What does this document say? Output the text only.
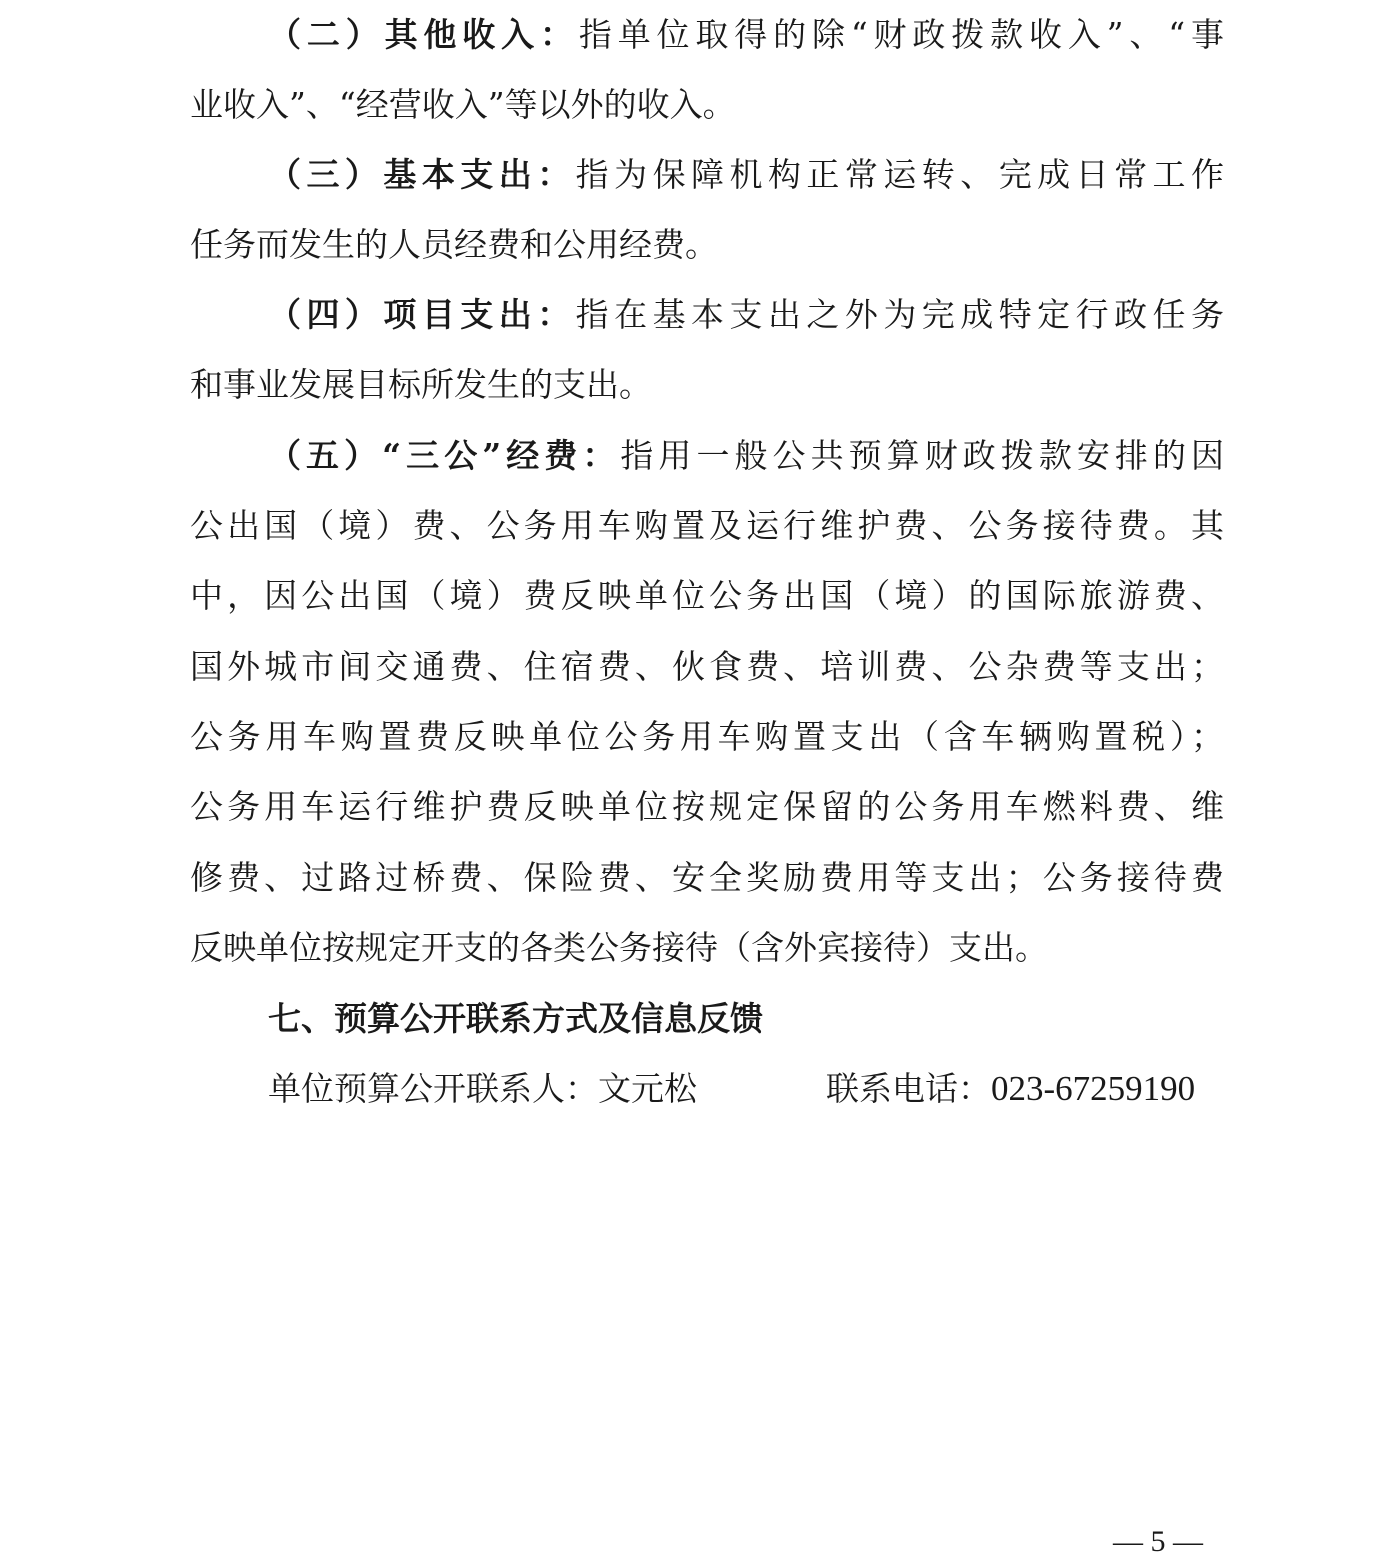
（二）其他收入：指单位取得的除“财政拨款收入”、“事
业收入”、“经营收入”等以外的收入。
（三）基本支出：指为保障机构正常运转、完成日常工作
任务而发生的人员经费和公用经费。
（四）项目支出：指在基本支出之外为完成特定行政任务
和事业发展目标所发生的支出。
（五）“三公”经费：指用一般公共预算财政拨款安排的因
公出国（境）费、公务用车购置及运行维护费、公务接待费。其
中，因公出国（境）费反映单位公务出国（境）的国际旅游费、
国外城市间交通费、住宿费、伙食费、培训费、公杂费等支出；
公务用车购置费反映单位公务用车购置支出（含车辆购置税）；
公务用车运行维护费反映单位按规定保留的公务用车燃料费、维
修费、过路过桥费、保险费、安全奖励费用等支出；公务接待费
反映单位按规定开支的各类公务接待（含外宾接待）支出。
七、预算公开联系方式及信息反馈
单位预算公开联系人：文元松	联系电话：023-67259190
— 5 —
